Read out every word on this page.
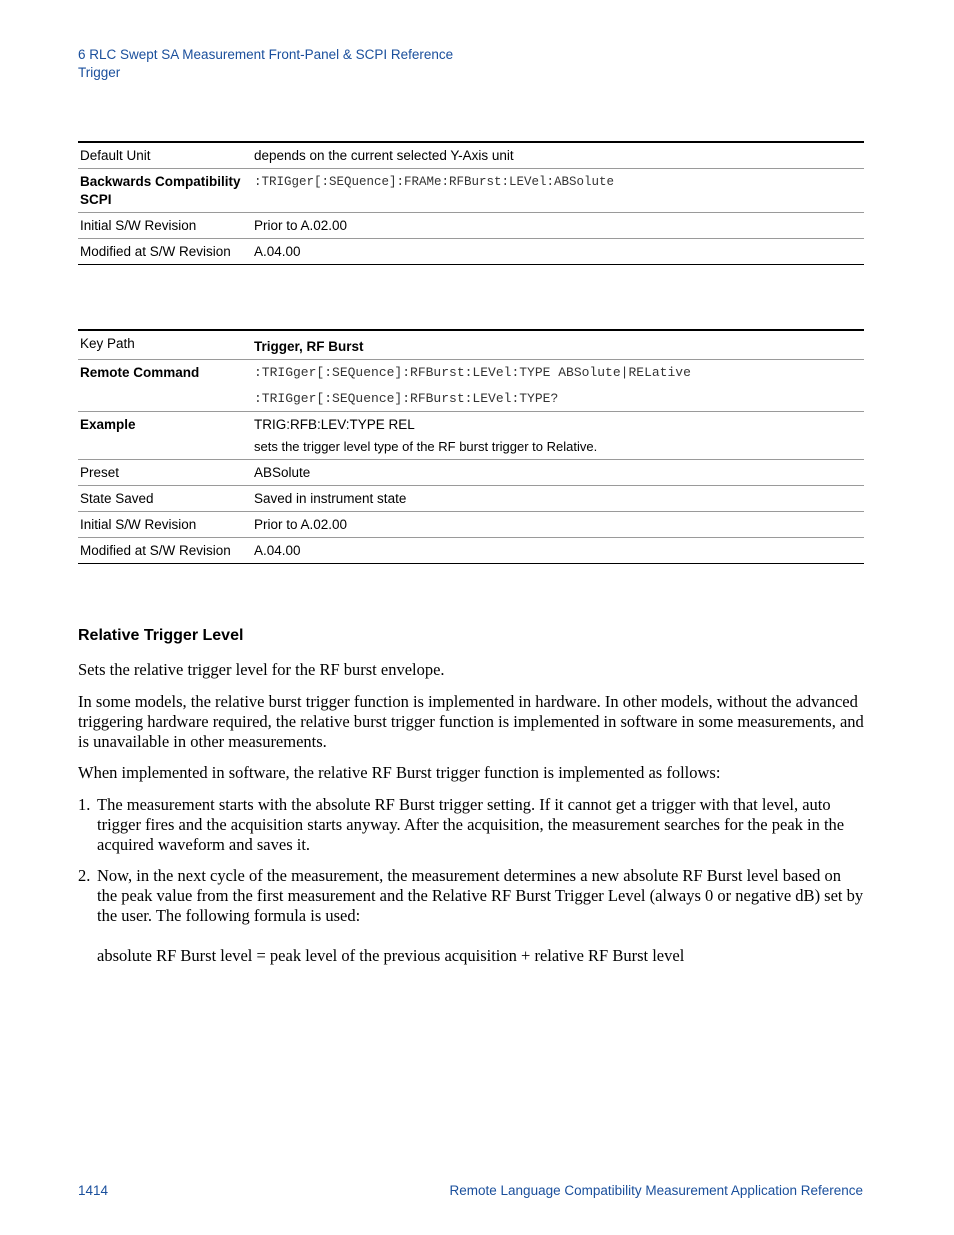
6 RLC Swept SA Measurement Front-Panel & SCPI Reference
Trigger
Default Unit	depends on the current selected Y-Axis unit
Backwards Compatibility SCPI	:TRIGger[:SEQuence]:FRAMe:RFBurst:LEVel:ABSolute
Initial S/W Revision	Prior to A.02.00
Modified at S/W Revision	A.04.00
Key Path	Trigger, RF Burst
Remote Command	:TRIGger[:SEQuence]:RFBurst:LEVel:TYPE ABSolute|RELative
:TRIGger[:SEQuence]:RFBurst:LEVel:TYPE?

Example	TRIG:RFB:LEV:TYPE REL
sets the trigger level type of the RF burst trigger to Relative.

Preset	ABSolute
State Saved	Saved in instrument state
Initial S/W Revision	Prior to A.02.00
Modified at S/W Revision	A.04.00
Relative Trigger Level
Sets the relative trigger level for the RF burst envelope.
In some models, the relative burst trigger function is implemented in hardware. In other models, without the advanced triggering hardware required, the relative burst trigger function is implemented in software in some measurements, and is unavailable in other measurements.
When implemented in software, the relative RF Burst trigger function is implemented as follows:
1. The measurement starts with the absolute RF Burst trigger setting. If it cannot get a trigger with that level, auto trigger fires and the acquisition starts anyway. After the acquisition, the measurement searches for the peak in the acquired waveform and saves it.
2. Now, in the next cycle of the measurement, the measurement determines a new absolute RF Burst level based on the peak value from the first measurement and the Relative RF Burst Trigger Level (always 0 or negative dB) set by the user. The following formula is used:
absolute RF Burst level = peak level of the previous acquisition + relative RF Burst level
1414	Remote Language Compatibility Measurement Application Reference
